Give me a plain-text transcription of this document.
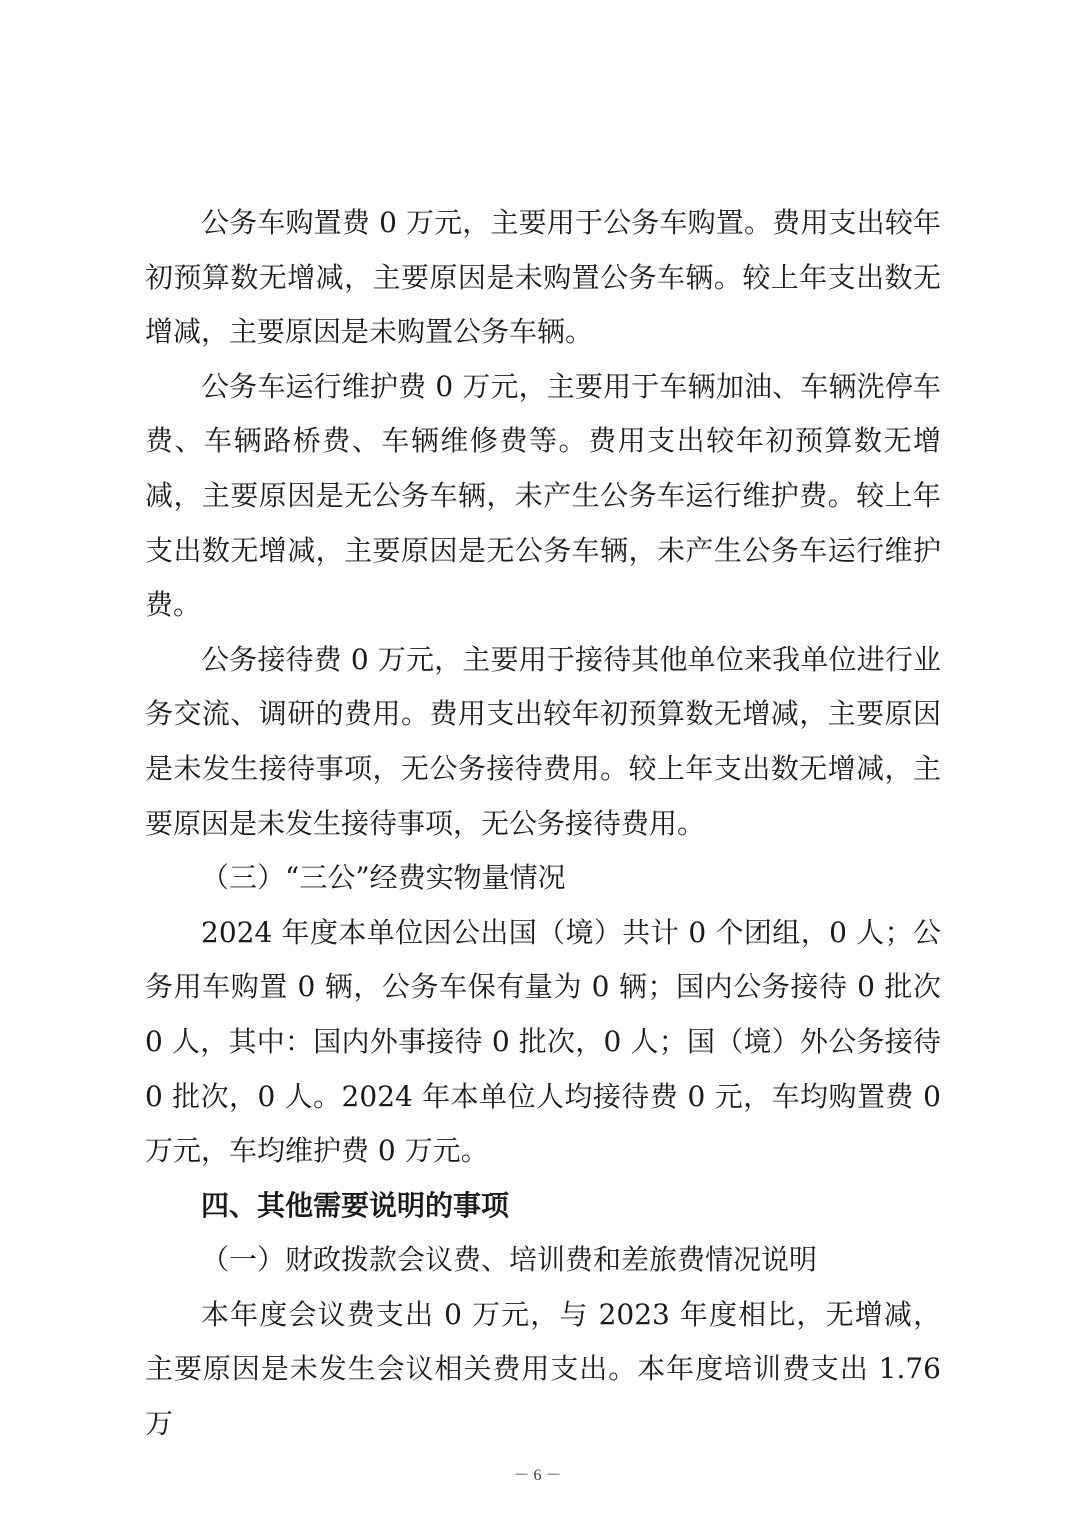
公务车购置费 0 万元，主要用于公务车购置。费用支出较年初预算数无增减，主要原因是未购置公务车辆。较上年支出数无增减，主要原因是未购置公务车辆。

公务车运行维护费 0 万元，主要用于车辆加油、车辆洗停车费、车辆路桥费、车辆维修费等。费用支出较年初预算数无增减，主要原因是无公务车辆，未产生公务车运行维护费。较上年支出数无增减，主要原因是无公务车辆，未产生公务车运行维护费。

公务接待费 0 万元，主要用于接待其他单位来我单位进行业务交流、调研的费用。费用支出较年初预算数无增减，主要原因是未发生接待事项，无公务接待费用。较上年支出数无增减，主要原因是未发生接待事项，无公务接待费用。

（三）“三公”经费实物量情况

2024 年度本单位因公出国（境）共计 0 个团组，0 人；公务用车购置 0 辆，公务车保有量为 0 辆；国内公务接待 0 批次 0 人，其中：国内外事接待 0 批次，0 人；国（境）外公务接待 0 批次，0 人。2024 年本单位人均接待费 0 元，车均购置费 0 万元，车均维护费 0 万元。

四、其他需要说明的事项

（一）财政拨款会议费、培训费和差旅费情况说明

本年度会议费支出 0 万元，与 2023 年度相比，无增减，主要原因是未发生会议相关费用支出。本年度培训费支出 1.76 万

－ 6 －
